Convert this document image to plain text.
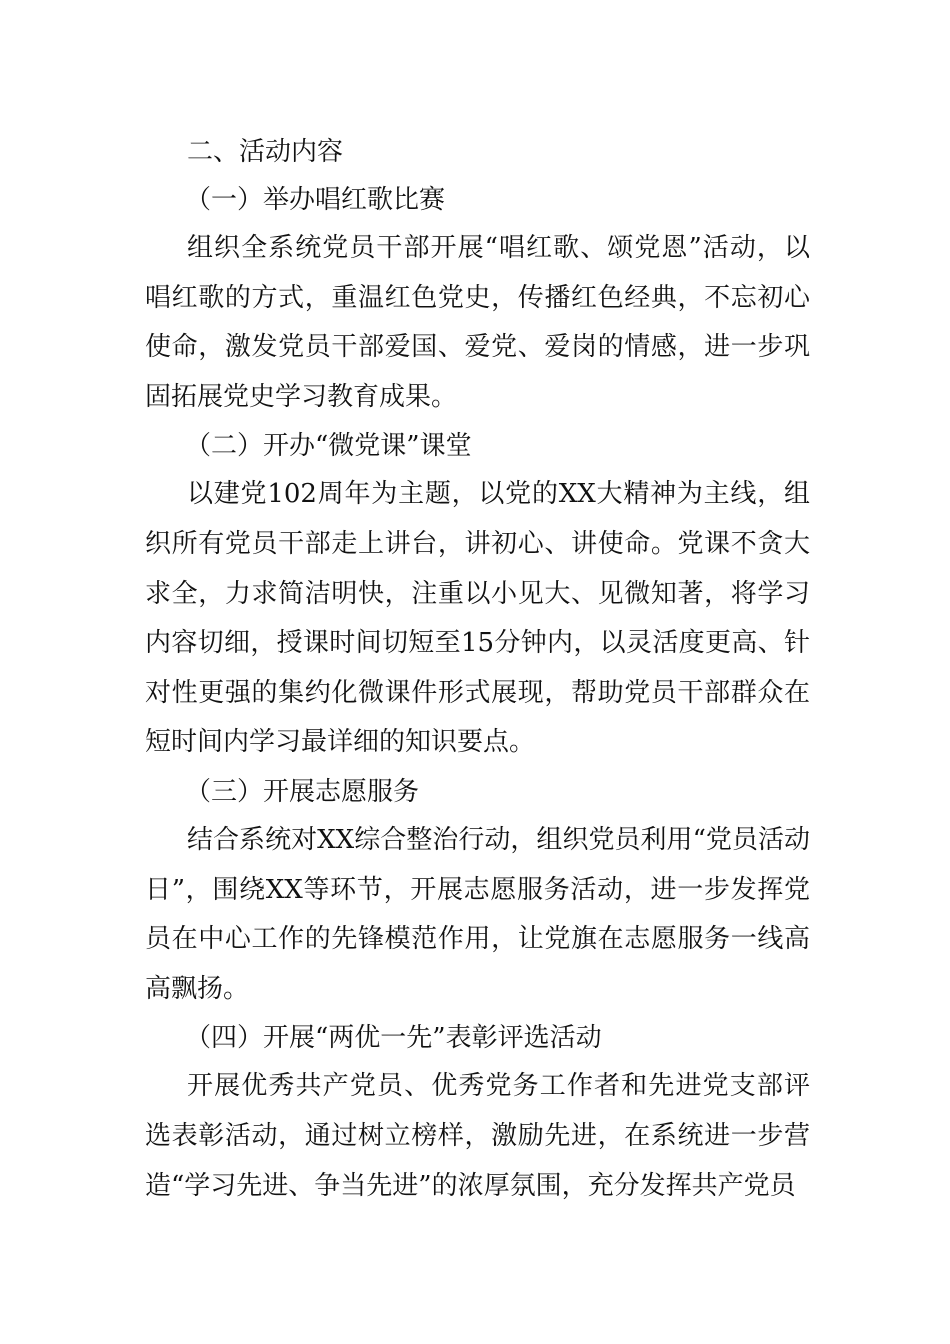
二、活动内容

（一）举办唱红歌比赛

组织全系统党员干部开展“唱红歌、颂党恩”活动，以唱红歌的方式，重温红色党史，传播红色经典，不忘初心使命，激发党员干部爱国、爱党、爱岗的情感，进一步巩固拓展党史学习教育成果。

（二）开办“微党课”课堂

以建党102周年为主题，以党的XX大精神为主线，组织所有党员干部走上讲台，讲初心、讲使命。党课不贪大求全，力求简洁明快，注重以小见大、见微知著，将学习内容切细，授课时间切短至15分钟内，以灵活度更高、针对性更强的集约化微课件形式展现，帮助党员干部群众在短时间内学习最详细的知识要点。

（三）开展志愿服务

结合系统对XX综合整治行动，组织党员利用“党员活动日”，围绕XX等环节，开展志愿服务活动，进一步发挥党员在中心工作的先锋模范作用，让党旗在志愿服务一线高高飘扬。

（四）开展“两优一先”表彰评选活动

开展优秀共产党员、优秀党务工作者和先进党支部评选表彰活动，通过树立榜样，激励先进，在系统进一步营造“学习先进、争当先进”的浓厚氛围，充分发挥共产党员
